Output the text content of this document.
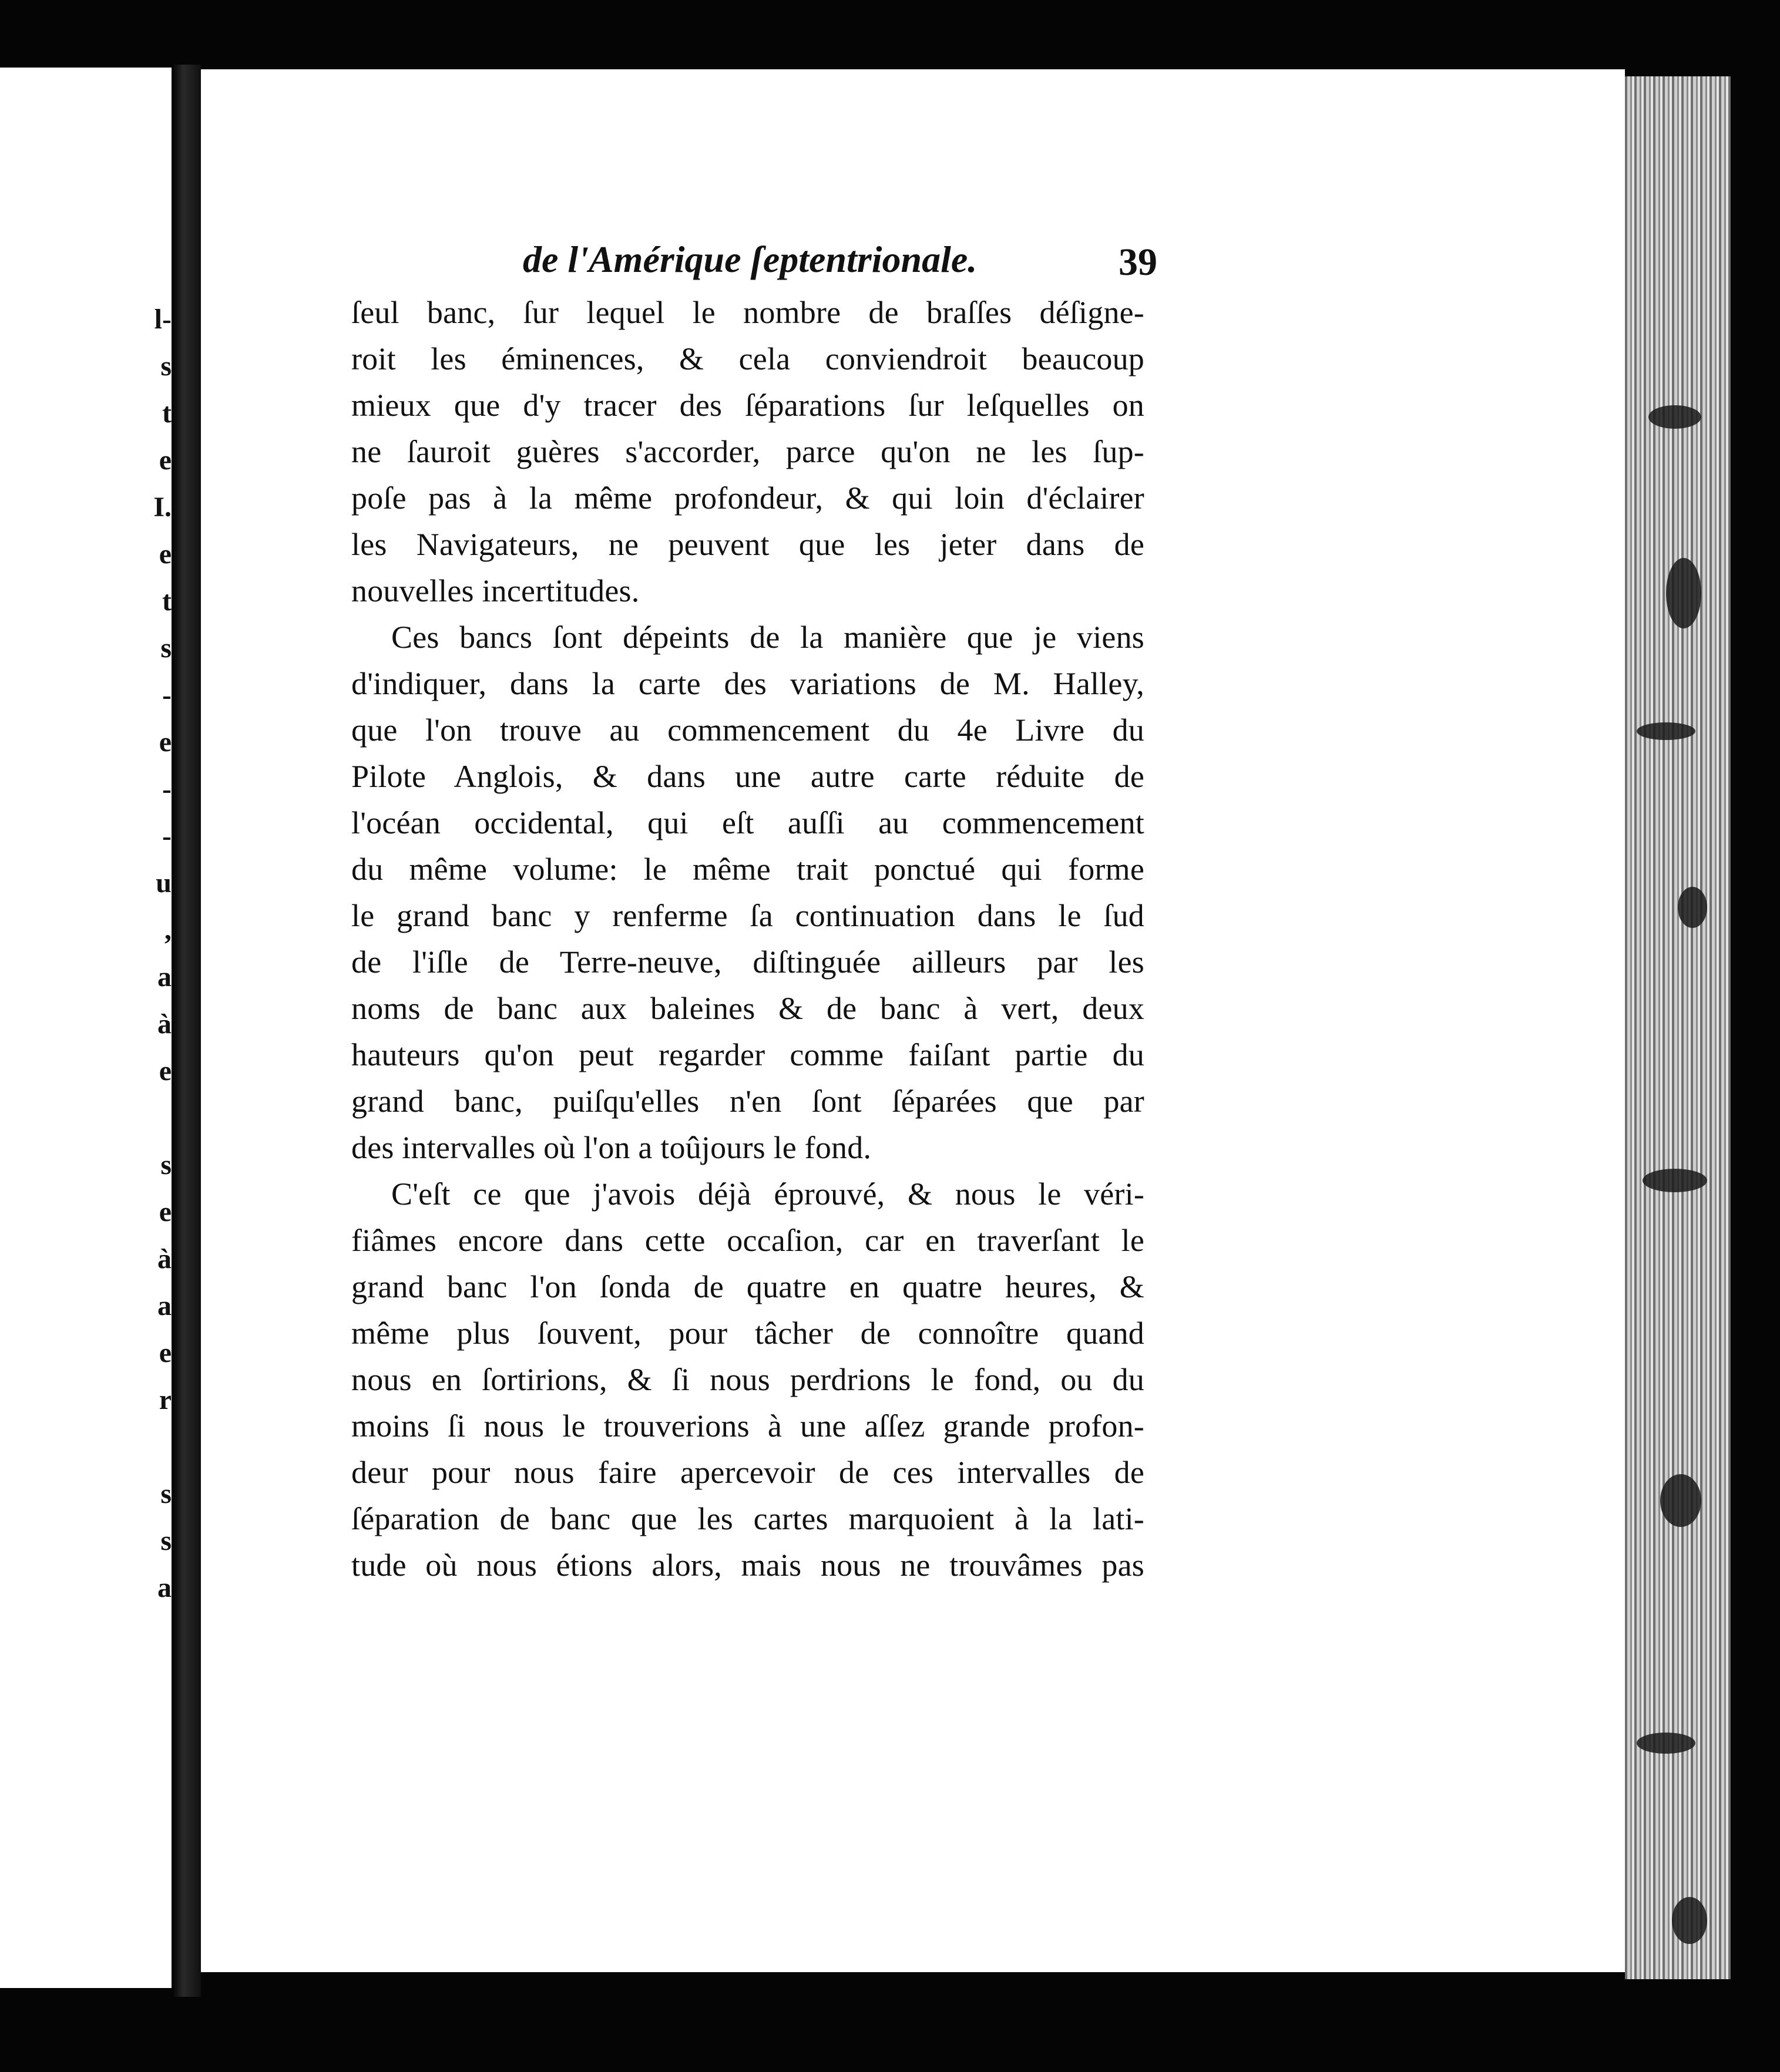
l-
s
t
e
I.
e
t
s
-
e
-
-
u
,
a
à
e
s
e
à
a
e
r
s
s
a
de l'Amérique ſeptentrionale.	39
ſeul banc, ſur lequel le nombre de braſſes déſigne-
roit les éminences, & cela conviendroit beaucoup
mieux que d'y tracer des ſéparations ſur leſquelles on
ne ſauroit guères s'accorder, parce qu'on ne les ſup-
poſe pas à la même profondeur, & qui loin d'éclairer
les Navigateurs, ne peuvent que les jeter dans de
nouvelles incertitudes.
Ces bancs ſont dépeints de la manière que je viens
d'indiquer, dans la carte des variations de M. Halley,
que l'on trouve au commencement du 4e Livre du
Pilote Anglois, & dans une autre carte réduite de
l'océan occidental, qui eſt auſſi au commencement
du même volume: le même trait ponctué qui forme
le grand banc y renferme ſa continuation dans le ſud
de l'iſle de Terre-neuve, diſtinguée ailleurs par les
noms de banc aux baleines & de banc à vert, deux
hauteurs qu'on peut regarder comme faiſant partie du
grand banc, puiſqu'elles n'en ſont ſéparées que par
des intervalles où l'on a toûjours le fond.
C'eſt ce que j'avois déjà éprouvé, & nous le véri-
fiâmes encore dans cette occaſion, car en traverſant le
grand banc l'on ſonda de quatre en quatre heures, &
même plus ſouvent, pour tâcher de connoître quand
nous en ſortirions, & ſi nous perdrions le fond, ou du
moins ſi nous le trouverions à une aſſez grande profon-
deur pour nous faire apercevoir de ces intervalles de
ſéparation de banc que les cartes marquoient à la lati-
tude où nous étions alors, mais nous ne trouvâmes pas
